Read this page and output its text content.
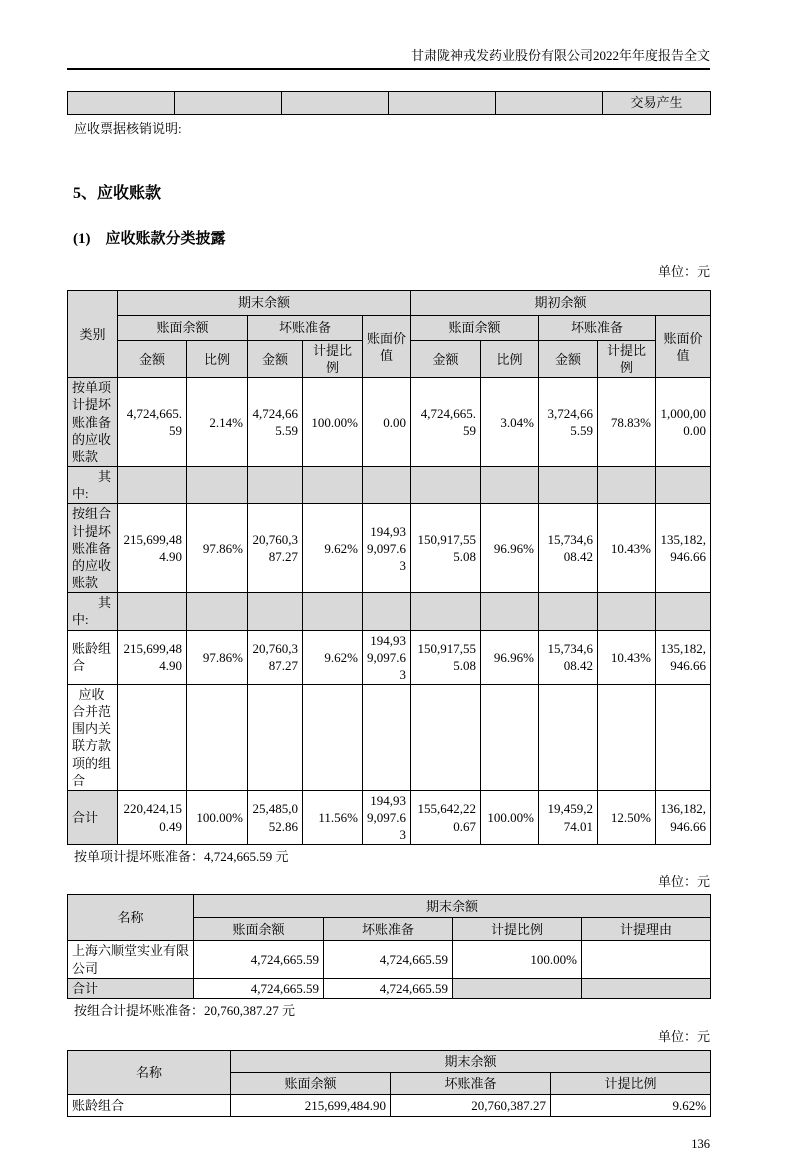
甘肃陇神戎发药业股份有限公司2022年年度报告全文
					交易产生

应收票据核销说明:

5、应收账款
(1)　应收账款分类披露
单位：元
类别	期末余额					期初余额				
	账面余额		坏账准备		账面价值	账面余额		坏账准备		账面价值
	金额	比例	金额	计提比例		金额	比例	金额	计提比例	
按单项计提坏账准备的应收账款	4,724,665.59	2.14%	4,724,665.59	100.00%	0.00	4,724,665.59	3.04%	3,724,665.59	78.83%	1,000,000.00
其中:										
按组合计提坏账准备的应收账款	215,699,484.90	97.86%	20,760,387.27	9.62%	194,939,097.63	150,917,555.08	96.96%	15,734,608.42	10.43%	135,182,946.66
其中:										
账龄组合	215,699,484.90	97.86%	20,760,387.27	9.62%	194,939,097.63	150,917,555.08	96.96%	15,734,608.42	10.43%	135,182,946.66
应收合并范围内关联方款项的组合										
合计	220,424,150.49	100.00%	25,485,052.86	11.56%	194,939,097.63	155,642,220.67	100.00%	19,459,274.01	12.50%	136,182,946.66

按单项计提坏账准备：4,724,665.59 元

单位：元
名称	期末余额			
	账面余额	坏账准备	计提比例	计提理由
上海六顺堂实业有限公司	4,724,665.59	4,724,665.59	100.00%	
合计	4,724,665.59	4,724,665.59		

按组合计提坏账准备：20,760,387.27 元

单位：元
名称	期末余额		
	账面余额	坏账准备	计提比例
账龄组合	215,699,484.90	20,760,387.27	9.62%
136
